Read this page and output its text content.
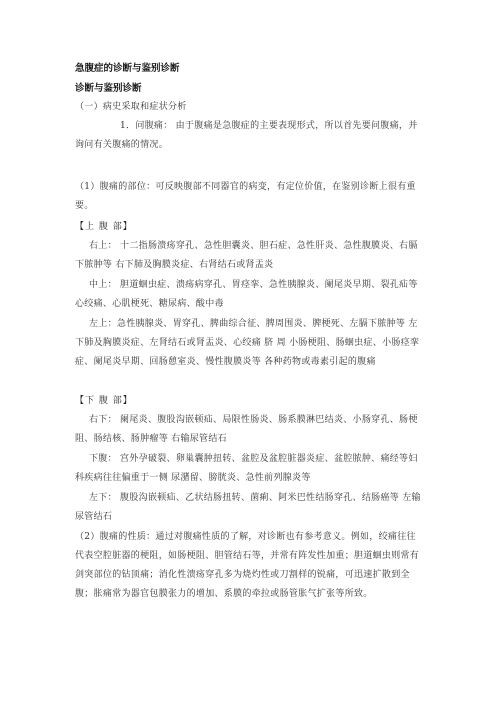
急腹症的诊断与鉴别诊断
诊断与鉴别诊断
（一）病史采取和症状分析
1．问腹痛： 由于腹痛是急腹症的主要表现形式，所以首先要问腹痛，并询问有关腹痛的情况。
（1）腹痛的部位：可反映腹部不同器官的病变，有定位价值，在鉴别诊断上很有重要。
【上 腹 部】
右上： 十二指肠溃疡穿孔、急性胆囊炎、胆石症、急性肝炎、急性腹膜炎、右膈下脓肿等 右下肺及胸膜炎症、右肾结石或肾盂炎
中上： 胆道蛔虫症、溃疡病穿孔、胃痉挛、急性胰腺炎、阑尾炎早期、裂孔疝等 心绞痛、心肌梗死、糖尿病、酸中毒
左上：急性胰腺炎、胃穿孔、脾曲综合征、脾周围炎、脾梗死、左膈下脓肿等 左下肺及胸膜炎症、左肾结石或肾盂炎、心绞痛 脐 周 小肠梗阻、肠蛔虫症、小肠痉挛症、阑尾炎早期、回肠憩室炎、慢性腹膜炎等 各种药物或毒素引起的腹痛
【下 腹 部】
右下： 阑尾炎、腹股沟嵌顿疝、局限性肠炎、肠系膜淋巴结炎、小肠穿孔、肠梗阻、肠结核、肠肿瘤等 右输尿管结石
下腹： 宫外孕破裂、卵巢囊肿扭转、盆腔及盆腔脏器炎症、盆腔脓肿、痛经等妇科疾病往往偏重于一侧 尿潴留、膀胱炎、急性前列腺炎等
左下： 腹股沟嵌顿疝、乙状结肠扭转、菌痢、阿米巴性结肠穿孔、结肠癌等 左输尿管结石
（2）腹痛的性质：通过对腹痛性质的了解，对诊断也有参考意义。例如，绞痛往往代表空腔脏器的梗阻，如肠梗阻、胆管结石等，并常有阵发性加重；胆道蛔虫则常有剑突部位的钻顶痛；消化性溃疡穿孔多为烧灼性或刀割样的锐痛，可迅速扩散到全腹；胀痛常为器官包膜张力的增加、系膜的牵拉或肠管胀气扩张等所致。
